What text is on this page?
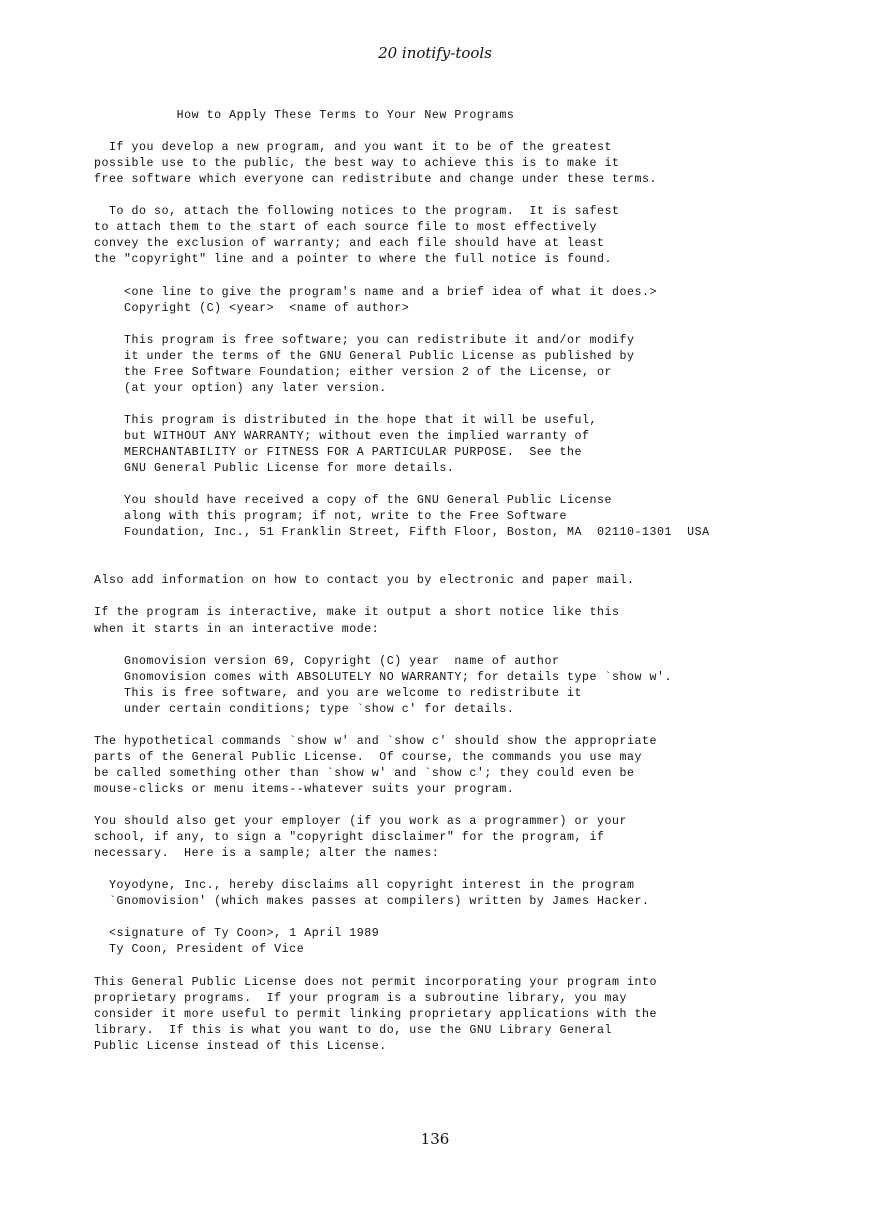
20 inotify-tools
How to Apply These Terms to Your New Programs

If you develop a new program, and you want it to be of the greatest
possible use to the public, the best way to achieve this is to make it
free software which everyone can redistribute and change under these terms.

To do so, attach the following notices to the program.  It is safest
to attach them to the start of each source file to most effectively
convey the exclusion of warranty; and each file should have at least
the "copyright" line and a pointer to where the full notice is found.

<one line to give the program's name and a brief idea of what it does.>
Copyright (C) <year>  <name of author>

This program is free software; you can redistribute it and/or modify
it under the terms of the GNU General Public License as published by
the Free Software Foundation; either version 2 of the License, or
(at your option) any later version.

This program is distributed in the hope that it will be useful,
but WITHOUT ANY WARRANTY; without even the implied warranty of
MERCHANTABILITY or FITNESS FOR A PARTICULAR PURPOSE.  See the
GNU General Public License for more details.

You should have received a copy of the GNU General Public License
along with this program; if not, write to the Free Software
Foundation, Inc., 51 Franklin Street, Fifth Floor, Boston, MA  02110-1301  USA

Also add information on how to contact you by electronic and paper mail.

If the program is interactive, make it output a short notice like this
when it starts in an interactive mode:

Gnomovision version 69, Copyright (C) year  name of author
Gnomovision comes with ABSOLUTELY NO WARRANTY; for details type `show w'.
This is free software, and you are welcome to redistribute it
under certain conditions; type `show c' for details.

The hypothetical commands `show w' and `show c' should show the appropriate
parts of the General Public License.  Of course, the commands you use may
be called something other than `show w' and `show c'; they could even be
mouse-clicks or menu items--whatever suits your program.

You should also get your employer (if you work as a programmer) or your
school, if any, to sign a "copyright disclaimer" for the program, if
necessary.  Here is a sample; alter the names:

Yoyodyne, Inc., hereby disclaims all copyright interest in the program
`Gnomovision' (which makes passes at compilers) written by James Hacker.

<signature of Ty Coon>, 1 April 1989
Ty Coon, President of Vice

This General Public License does not permit incorporating your program into
proprietary programs.  If your program is a subroutine library, you may
consider it more useful to permit linking proprietary applications with the
library.  If this is what you want to do, use the GNU Library General
Public License instead of this License.
136
